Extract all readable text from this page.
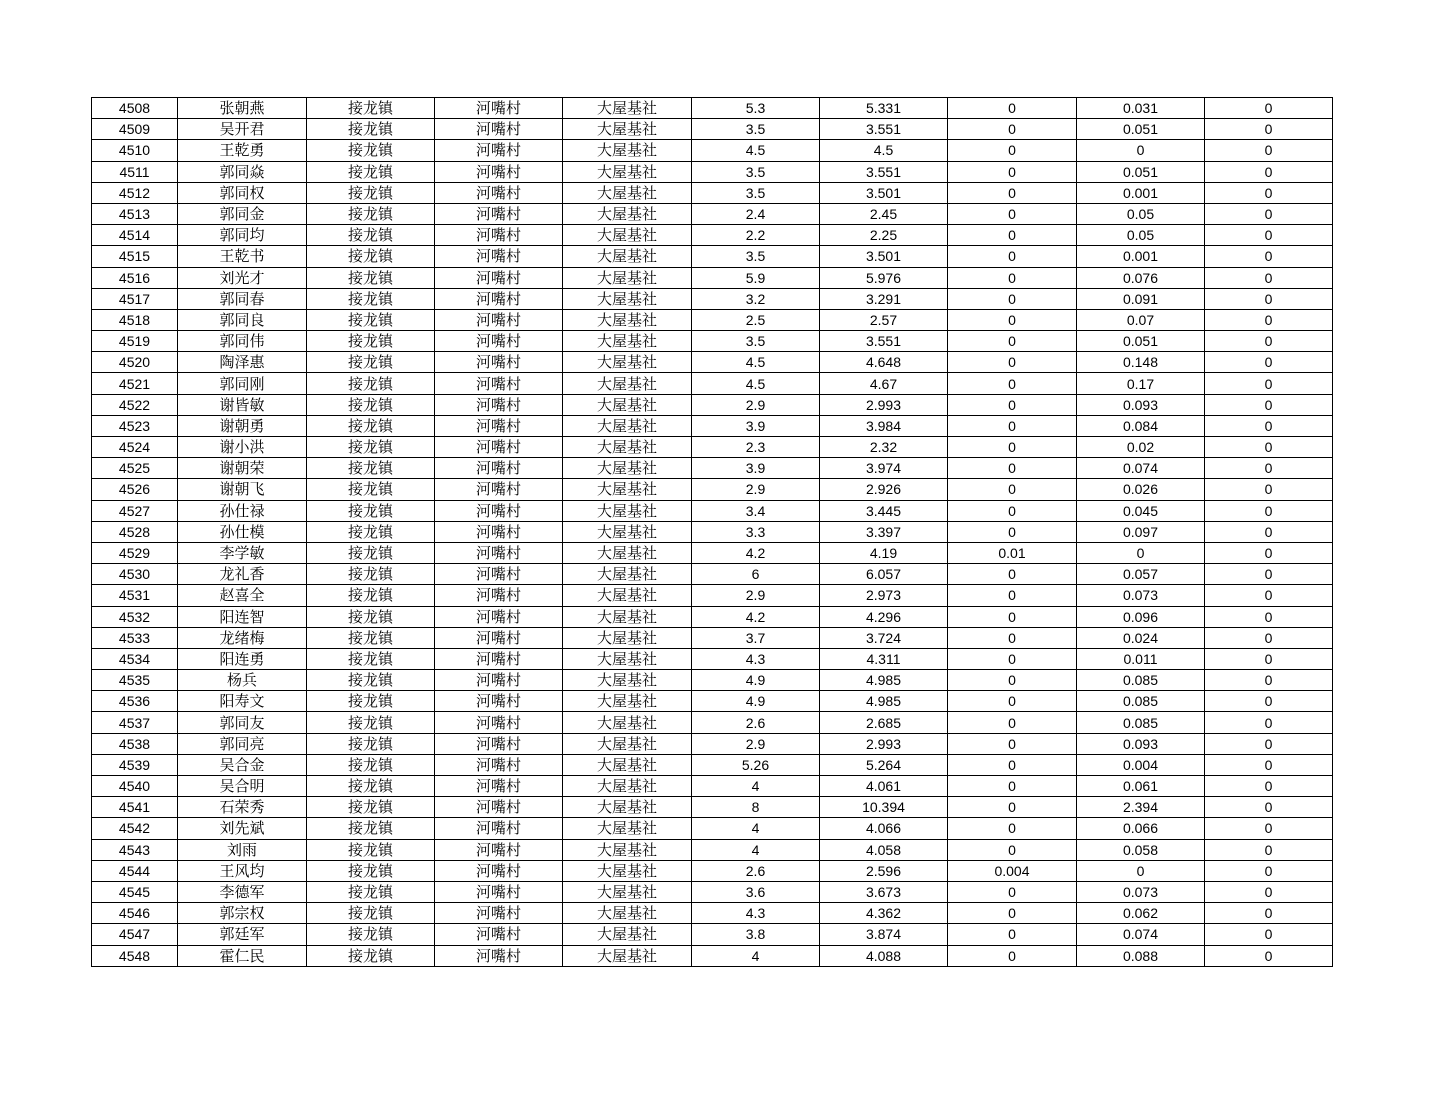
4508	张朝燕	接龙镇	河嘴村	大屋基社	5.3	5.331	0	0.031	0
4509	吴开君	接龙镇	河嘴村	大屋基社	3.5	3.551	0	0.051	0
4510	王乾勇	接龙镇	河嘴村	大屋基社	4.5	4.5	0	0	0
4511	郭同焱	接龙镇	河嘴村	大屋基社	3.5	3.551	0	0.051	0
4512	郭同权	接龙镇	河嘴村	大屋基社	3.5	3.501	0	0.001	0
4513	郭同金	接龙镇	河嘴村	大屋基社	2.4	2.45	0	0.05	0
4514	郭同均	接龙镇	河嘴村	大屋基社	2.2	2.25	0	0.05	0
4515	王乾书	接龙镇	河嘴村	大屋基社	3.5	3.501	0	0.001	0
4516	刘光才	接龙镇	河嘴村	大屋基社	5.9	5.976	0	0.076	0
4517	郭同春	接龙镇	河嘴村	大屋基社	3.2	3.291	0	0.091	0
4518	郭同良	接龙镇	河嘴村	大屋基社	2.5	2.57	0	0.07	0
4519	郭同伟	接龙镇	河嘴村	大屋基社	3.5	3.551	0	0.051	0
4520	陶泽惠	接龙镇	河嘴村	大屋基社	4.5	4.648	0	0.148	0
4521	郭同刚	接龙镇	河嘴村	大屋基社	4.5	4.67	0	0.17	0
4522	谢皆敏	接龙镇	河嘴村	大屋基社	2.9	2.993	0	0.093	0
4523	谢朝勇	接龙镇	河嘴村	大屋基社	3.9	3.984	0	0.084	0
4524	谢小洪	接龙镇	河嘴村	大屋基社	2.3	2.32	0	0.02	0
4525	谢朝荣	接龙镇	河嘴村	大屋基社	3.9	3.974	0	0.074	0
4526	谢朝飞	接龙镇	河嘴村	大屋基社	2.9	2.926	0	0.026	0
4527	孙仕禄	接龙镇	河嘴村	大屋基社	3.4	3.445	0	0.045	0
4528	孙仕模	接龙镇	河嘴村	大屋基社	3.3	3.397	0	0.097	0
4529	李学敏	接龙镇	河嘴村	大屋基社	4.2	4.19	0.01	0	0
4530	龙礼香	接龙镇	河嘴村	大屋基社	6	6.057	0	0.057	0
4531	赵喜全	接龙镇	河嘴村	大屋基社	2.9	2.973	0	0.073	0
4532	阳连智	接龙镇	河嘴村	大屋基社	4.2	4.296	0	0.096	0
4533	龙绪梅	接龙镇	河嘴村	大屋基社	3.7	3.724	0	0.024	0
4534	阳连勇	接龙镇	河嘴村	大屋基社	4.3	4.311	0	0.011	0
4535	杨兵	接龙镇	河嘴村	大屋基社	4.9	4.985	0	0.085	0
4536	阳寿文	接龙镇	河嘴村	大屋基社	4.9	4.985	0	0.085	0
4537	郭同友	接龙镇	河嘴村	大屋基社	2.6	2.685	0	0.085	0
4538	郭同亮	接龙镇	河嘴村	大屋基社	2.9	2.993	0	0.093	0
4539	吴合金	接龙镇	河嘴村	大屋基社	5.26	5.264	0	0.004	0
4540	吴合明	接龙镇	河嘴村	大屋基社	4	4.061	0	0.061	0
4541	石荣秀	接龙镇	河嘴村	大屋基社	8	10.394	0	2.394	0
4542	刘先斌	接龙镇	河嘴村	大屋基社	4	4.066	0	0.066	0
4543	刘雨	接龙镇	河嘴村	大屋基社	4	4.058	0	0.058	0
4544	王风均	接龙镇	河嘴村	大屋基社	2.6	2.596	0.004	0	0
4545	李德军	接龙镇	河嘴村	大屋基社	3.6	3.673	0	0.073	0
4546	郭宗权	接龙镇	河嘴村	大屋基社	4.3	4.362	0	0.062	0
4547	郭廷军	接龙镇	河嘴村	大屋基社	3.8	3.874	0	0.074	0
4548	霍仁民	接龙镇	河嘴村	大屋基社	4	4.088	0	0.088	0
